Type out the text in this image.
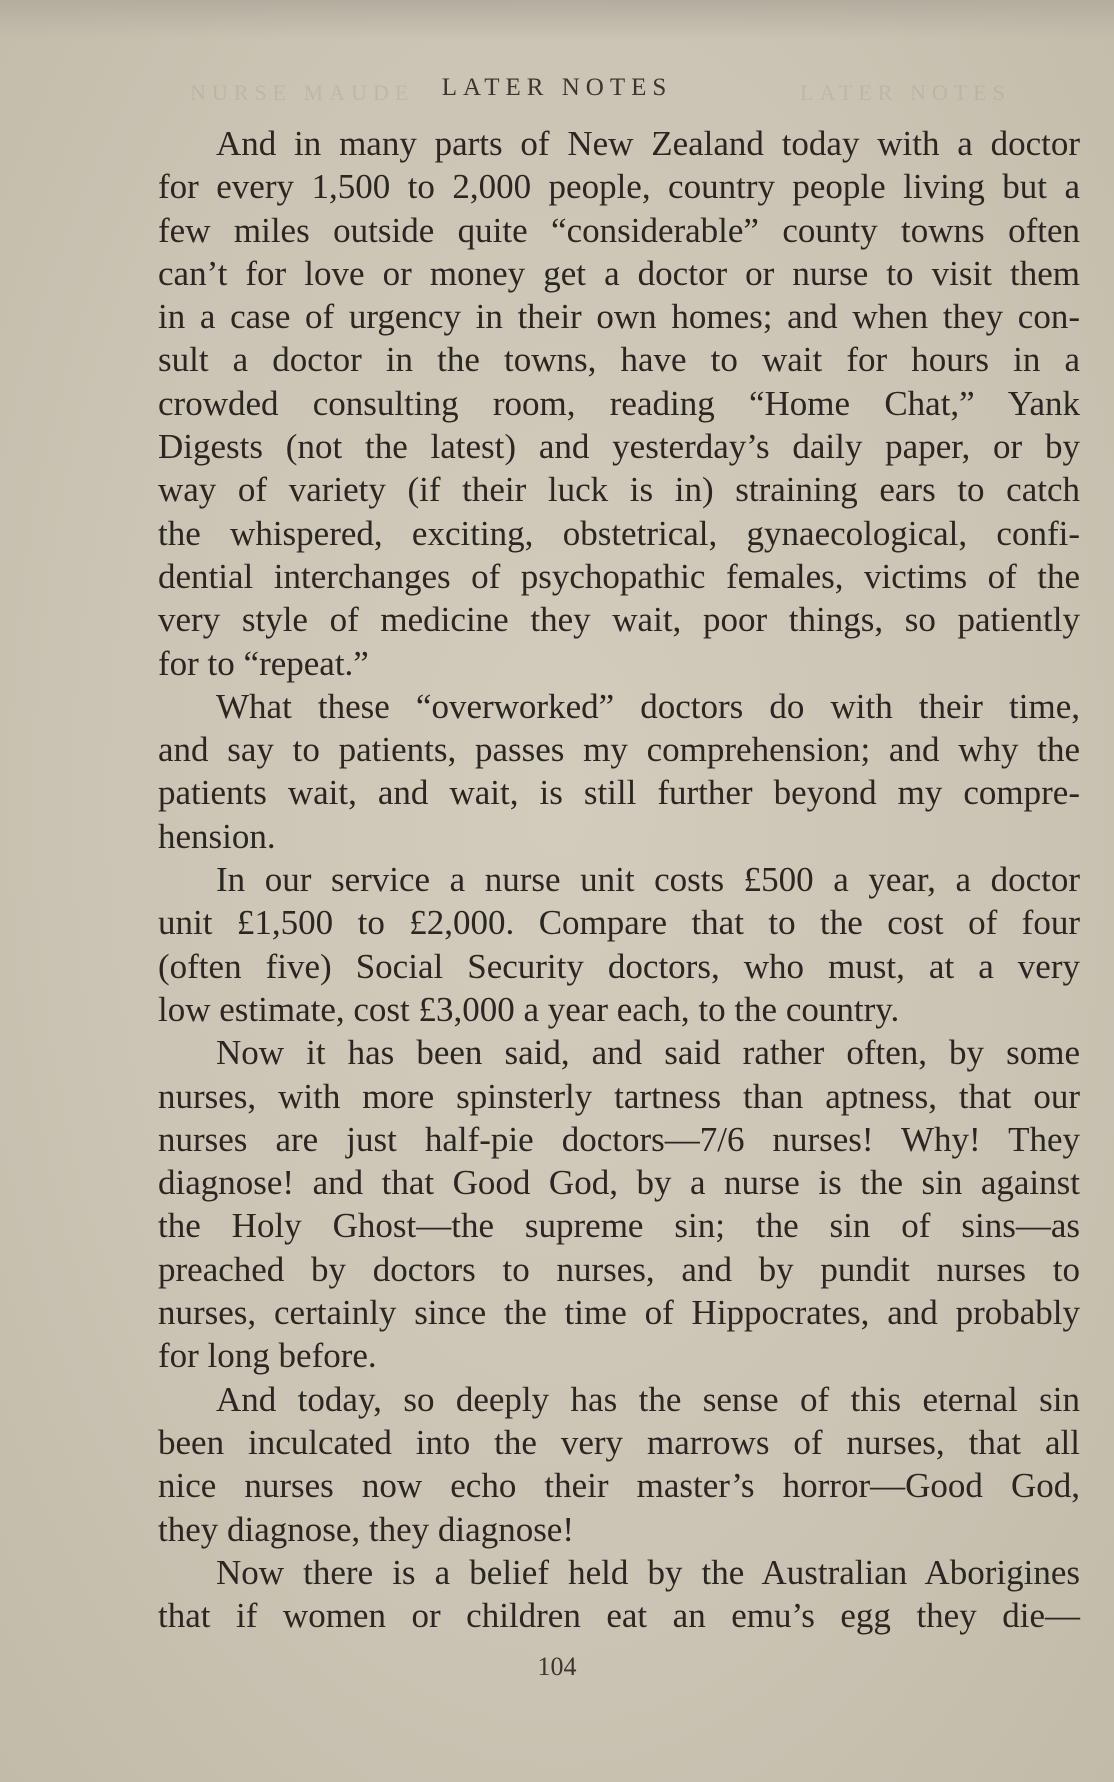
NURSE MAUDE	LATER NOTES
LATER NOTES
And in many parts of New Zealand today with a doctor
for every 1,500 to 2,000 people, country people living but a
few miles outside quite “considerable” county towns often
can’t for love or money get a doctor or nurse to visit them
in a case of urgency in their own homes; and when they con-
sult a doctor in the towns, have to wait for hours in a
crowded consulting room, reading “Home Chat,” Yank
Digests (not the latest) and yesterday’s daily paper, or by
way of variety (if their luck is in) straining ears to catch
the whispered, exciting, obstetrical, gynaecological, confi-
dential interchanges of psychopathic females, victims of the
very style of medicine they wait, poor things, so patiently
for to “repeat.”
What these “overworked” doctors do with their time,
and say to patients, passes my comprehension; and why the
patients wait, and wait, is still further beyond my compre-
hension.
In our service a nurse unit costs £500 a year, a doctor
unit £1,500 to £2,000. Compare that to the cost of four
(often five) Social Security doctors, who must, at a very
low estimate, cost £3,000 a year each, to the country.
Now it has been said, and said rather often, by some
nurses, with more spinsterly tartness than aptness, that our
nurses are just half-pie doctors—7/6 nurses! Why! They
diagnose! and that Good God, by a nurse is the sin against
the Holy Ghost—the supreme sin; the sin of sins—as
preached by doctors to nurses, and by pundit nurses to
nurses, certainly since the time of Hippocrates, and probably
for long before.
And today, so deeply has the sense of this eternal sin
been inculcated into the very marrows of nurses, that all
nice nurses now echo their master’s horror—Good God,
they diagnose, they diagnose!
Now there is a belief held by the Australian Aborigines
that if women or children eat an emu’s egg they die—
104
